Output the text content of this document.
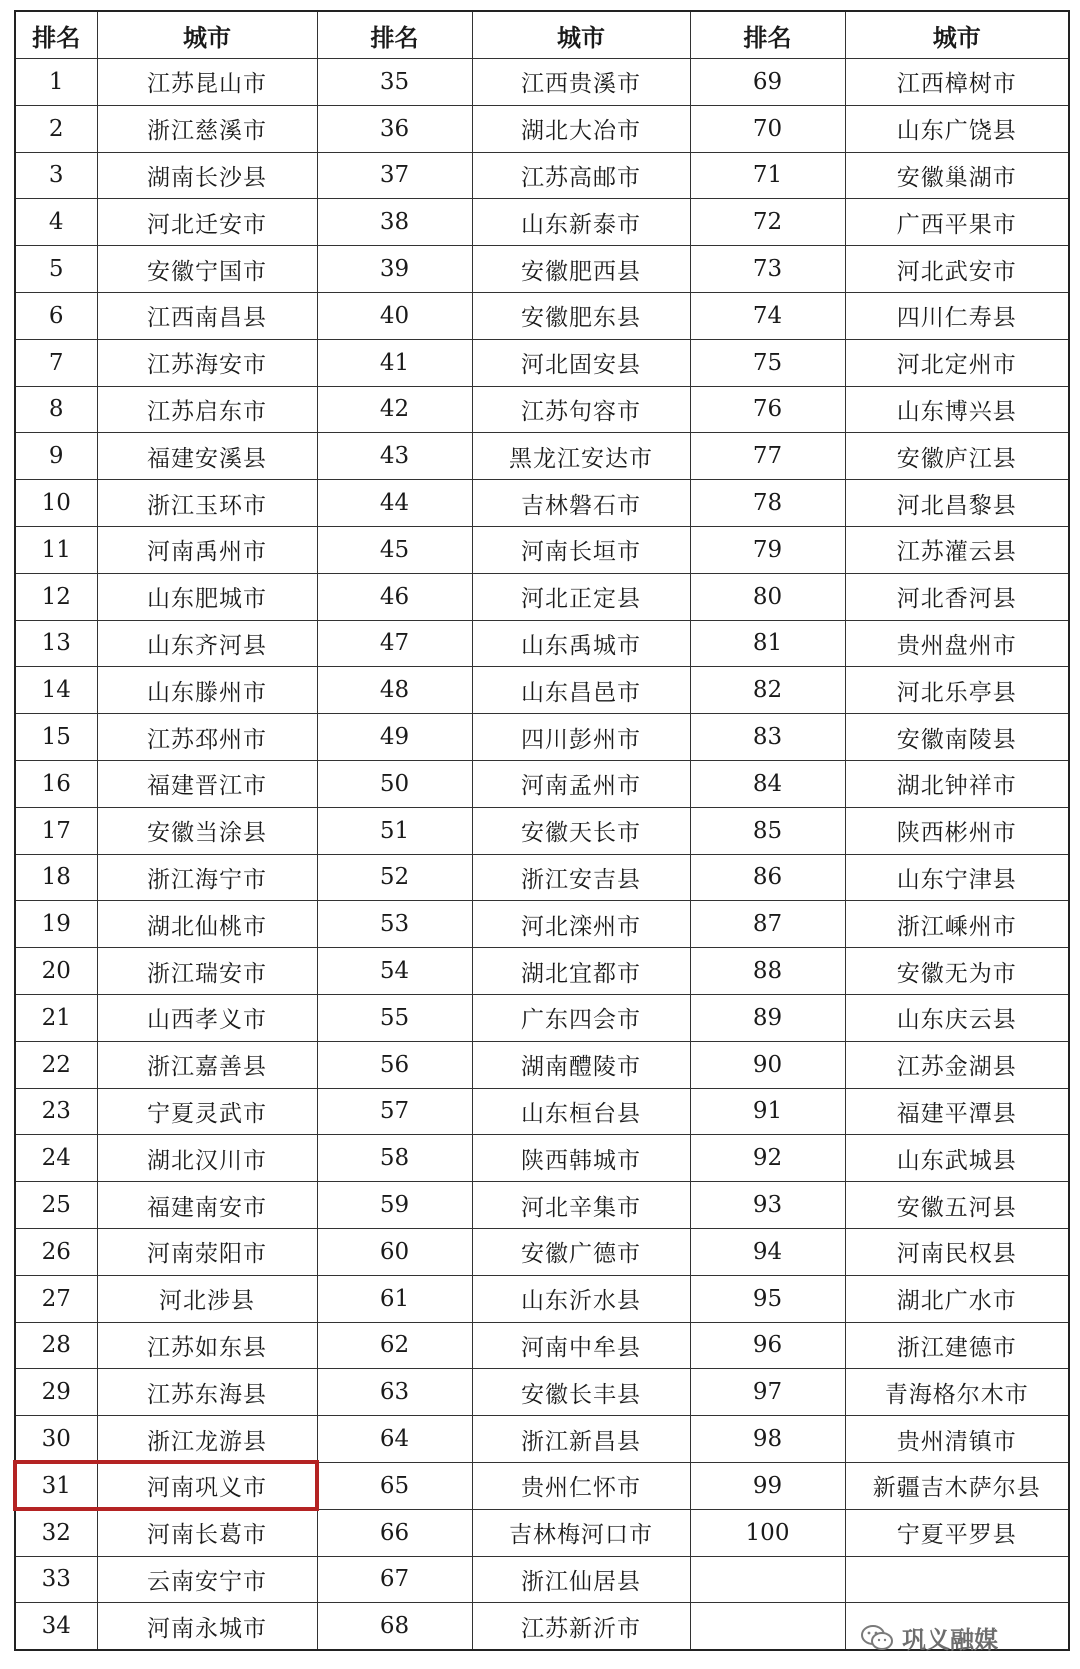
排名	城市	排名	城市	排名	城市
1	江苏昆山市	35	江西贵溪市	69	江西樟树市
2	浙江慈溪市	36	湖北大冶市	70	山东广饶县
3	湖南长沙县	37	江苏高邮市	71	安徽巢湖市
4	河北迁安市	38	山东新泰市	72	广西平果市
5	安徽宁国市	39	安徽肥西县	73	河北武安市
6	江西南昌县	40	安徽肥东县	74	四川仁寿县
7	江苏海安市	41	河北固安县	75	河北定州市
8	江苏启东市	42	江苏句容市	76	山东博兴县
9	福建安溪县	43	黑龙江安达市	77	安徽庐江县
10	浙江玉环市	44	吉林磐石市	78	河北昌黎县
11	河南禹州市	45	河南长垣市	79	江苏灌云县
12	山东肥城市	46	河北正定县	80	河北香河县
13	山东齐河县	47	山东禹城市	81	贵州盘州市
14	山东滕州市	48	山东昌邑市	82	河北乐亭县
15	江苏邳州市	49	四川彭州市	83	安徽南陵县
16	福建晋江市	50	河南孟州市	84	湖北钟祥市
17	安徽当涂县	51	安徽天长市	85	陕西彬州市
18	浙江海宁市	52	浙江安吉县	86	山东宁津县
19	湖北仙桃市	53	河北滦州市	87	浙江嵊州市
20	浙江瑞安市	54	湖北宜都市	88	安徽无为市
21	山西孝义市	55	广东四会市	89	山东庆云县
22	浙江嘉善县	56	湖南醴陵市	90	江苏金湖县
23	宁夏灵武市	57	山东桓台县	91	福建平潭县
24	湖北汉川市	58	陕西韩城市	92	山东武城县
25	福建南安市	59	河北辛集市	93	安徽五河县
26	河南荥阳市	60	安徽广德市	94	河南民权县
27	河北涉县	61	山东沂水县	95	湖北广水市
28	江苏如东县	62	河南中牟县	96	浙江建德市
29	江苏东海县	63	安徽长丰县	97	青海格尔木市
30	浙江龙游县	64	浙江新昌县	98	贵州清镇市
31	河南巩义市	65	贵州仁怀市	99	新疆吉木萨尔县
32	河南长葛市	66	吉林梅河口市	100	宁夏平罗县
33	云南安宁市	67	浙江仙居县		
34	河南永城市	68	江苏新沂市			巩义融媒
